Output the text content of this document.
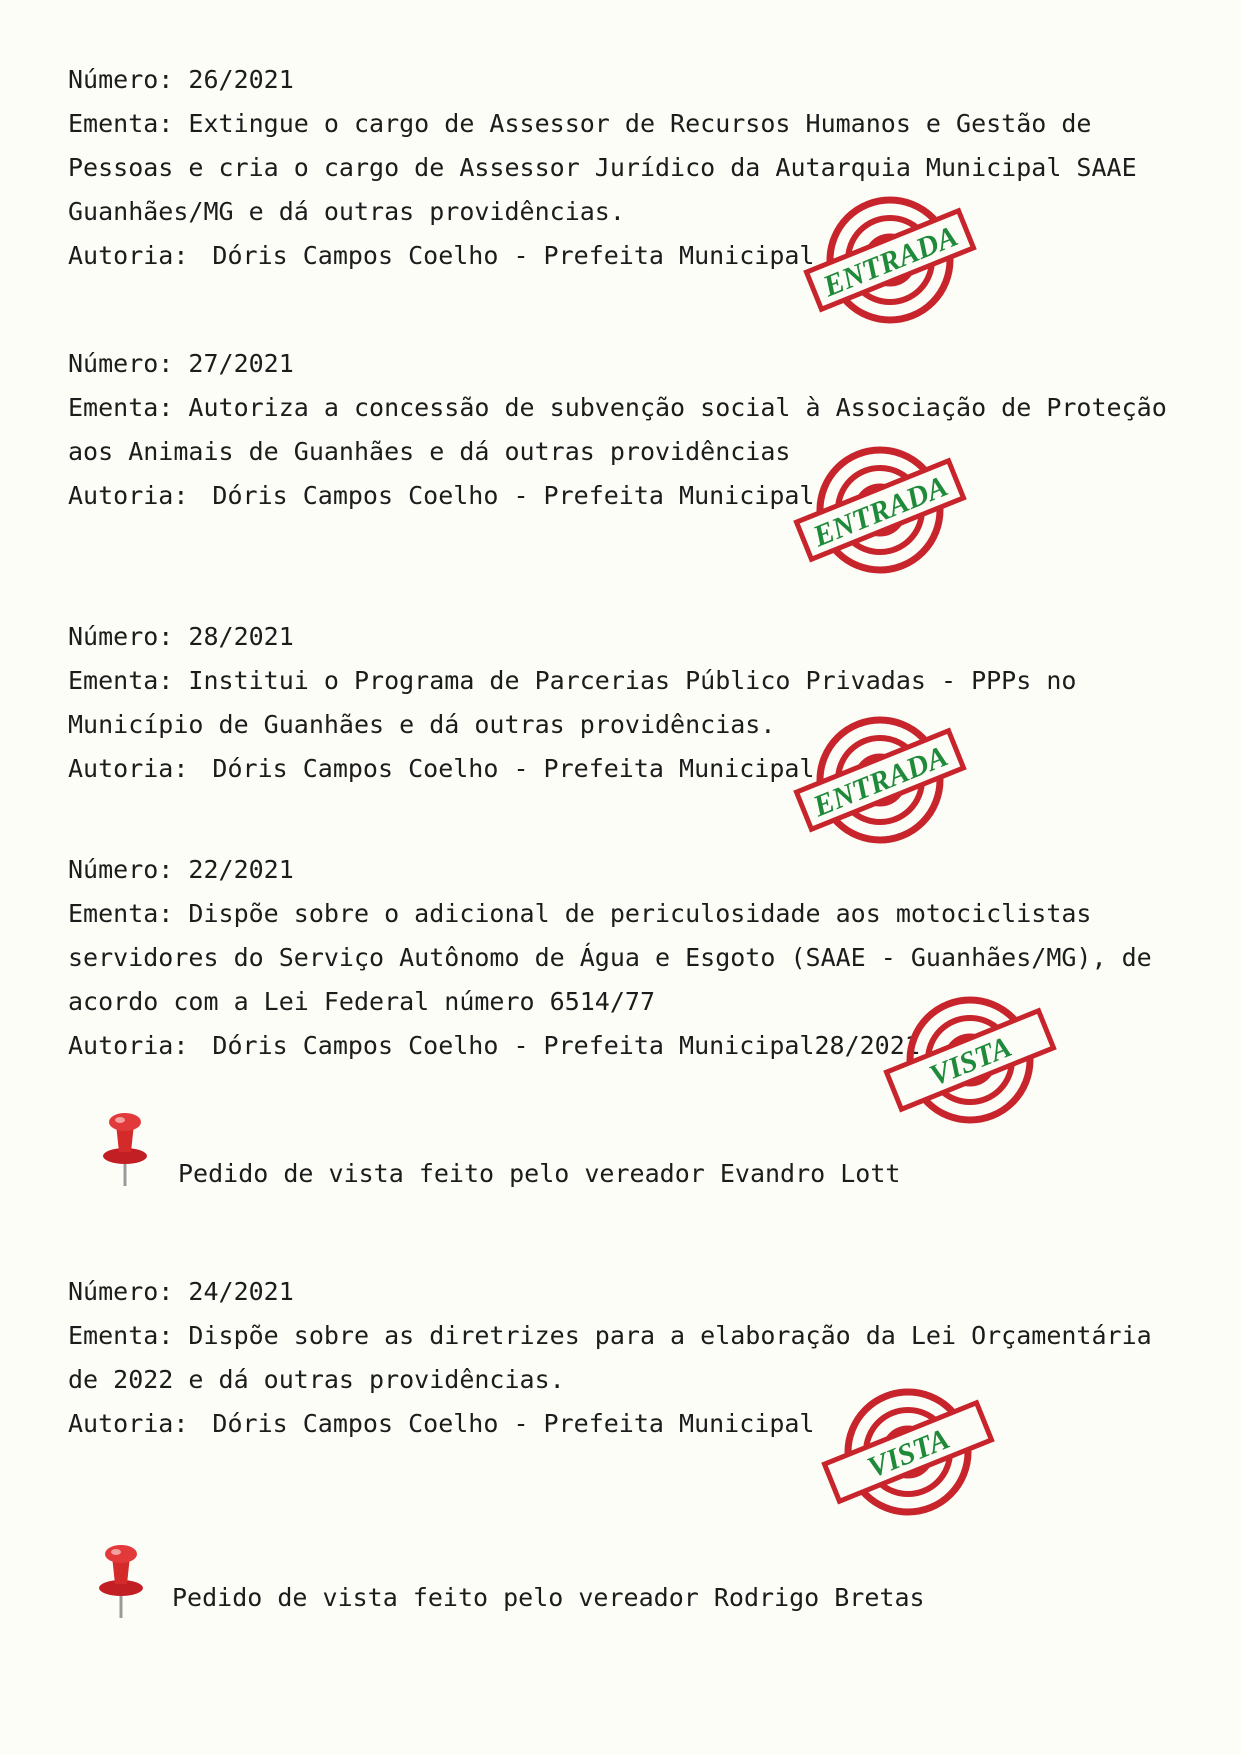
Número: 26/2021
Ementa: Extingue o cargo de Assessor de Recursos Humanos e Gestão de Pessoas e cria o cargo de Assessor Jurídico da Autarquia Municipal SAAE Guanhães/MG e dá outras providências.
Autoria: Dóris Campos Coelho - Prefeita Municipal ENTRADA
Número: 27/2021
Ementa: Autoriza a concessão de subvenção social à Associação de Proteção aos Animais de Guanhães e dá outras providências
Autoria: Dóris Campos Coelho - Prefeita Municipal
ENTRADA
Número: 28/2021
Ementa: Institui o Programa de Parcerias Público Privadas - PPPs no Município de Guanhães e dá outras providências.
Autoria: Dóris Campos Coelho - Prefeita Municipal
ENTRADA
Número: 22/2021
Ementa: Dispõe sobre o adicional de periculosidade aos motociclistas servidores do Serviço Autônomo de Água e Esgoto (SAAE - Guanhães/MG), de acordo com a Lei Federal número 6514/77
Autoria: Dóris Campos Coelho - Prefeita Municipal28/2021 VISTA
Pedido de vista feito pelo vereador Evandro Lott
Número: 24/2021
Ementa: Dispõe sobre as diretrizes para a elaboração da Lei Orçamentária de 2022 e dá outras providências.
Autoria: Dóris Campos Coelho - Prefeita Municipal	VISTA
Pedido de vista feito pelo vereador Rodrigo Bretas
